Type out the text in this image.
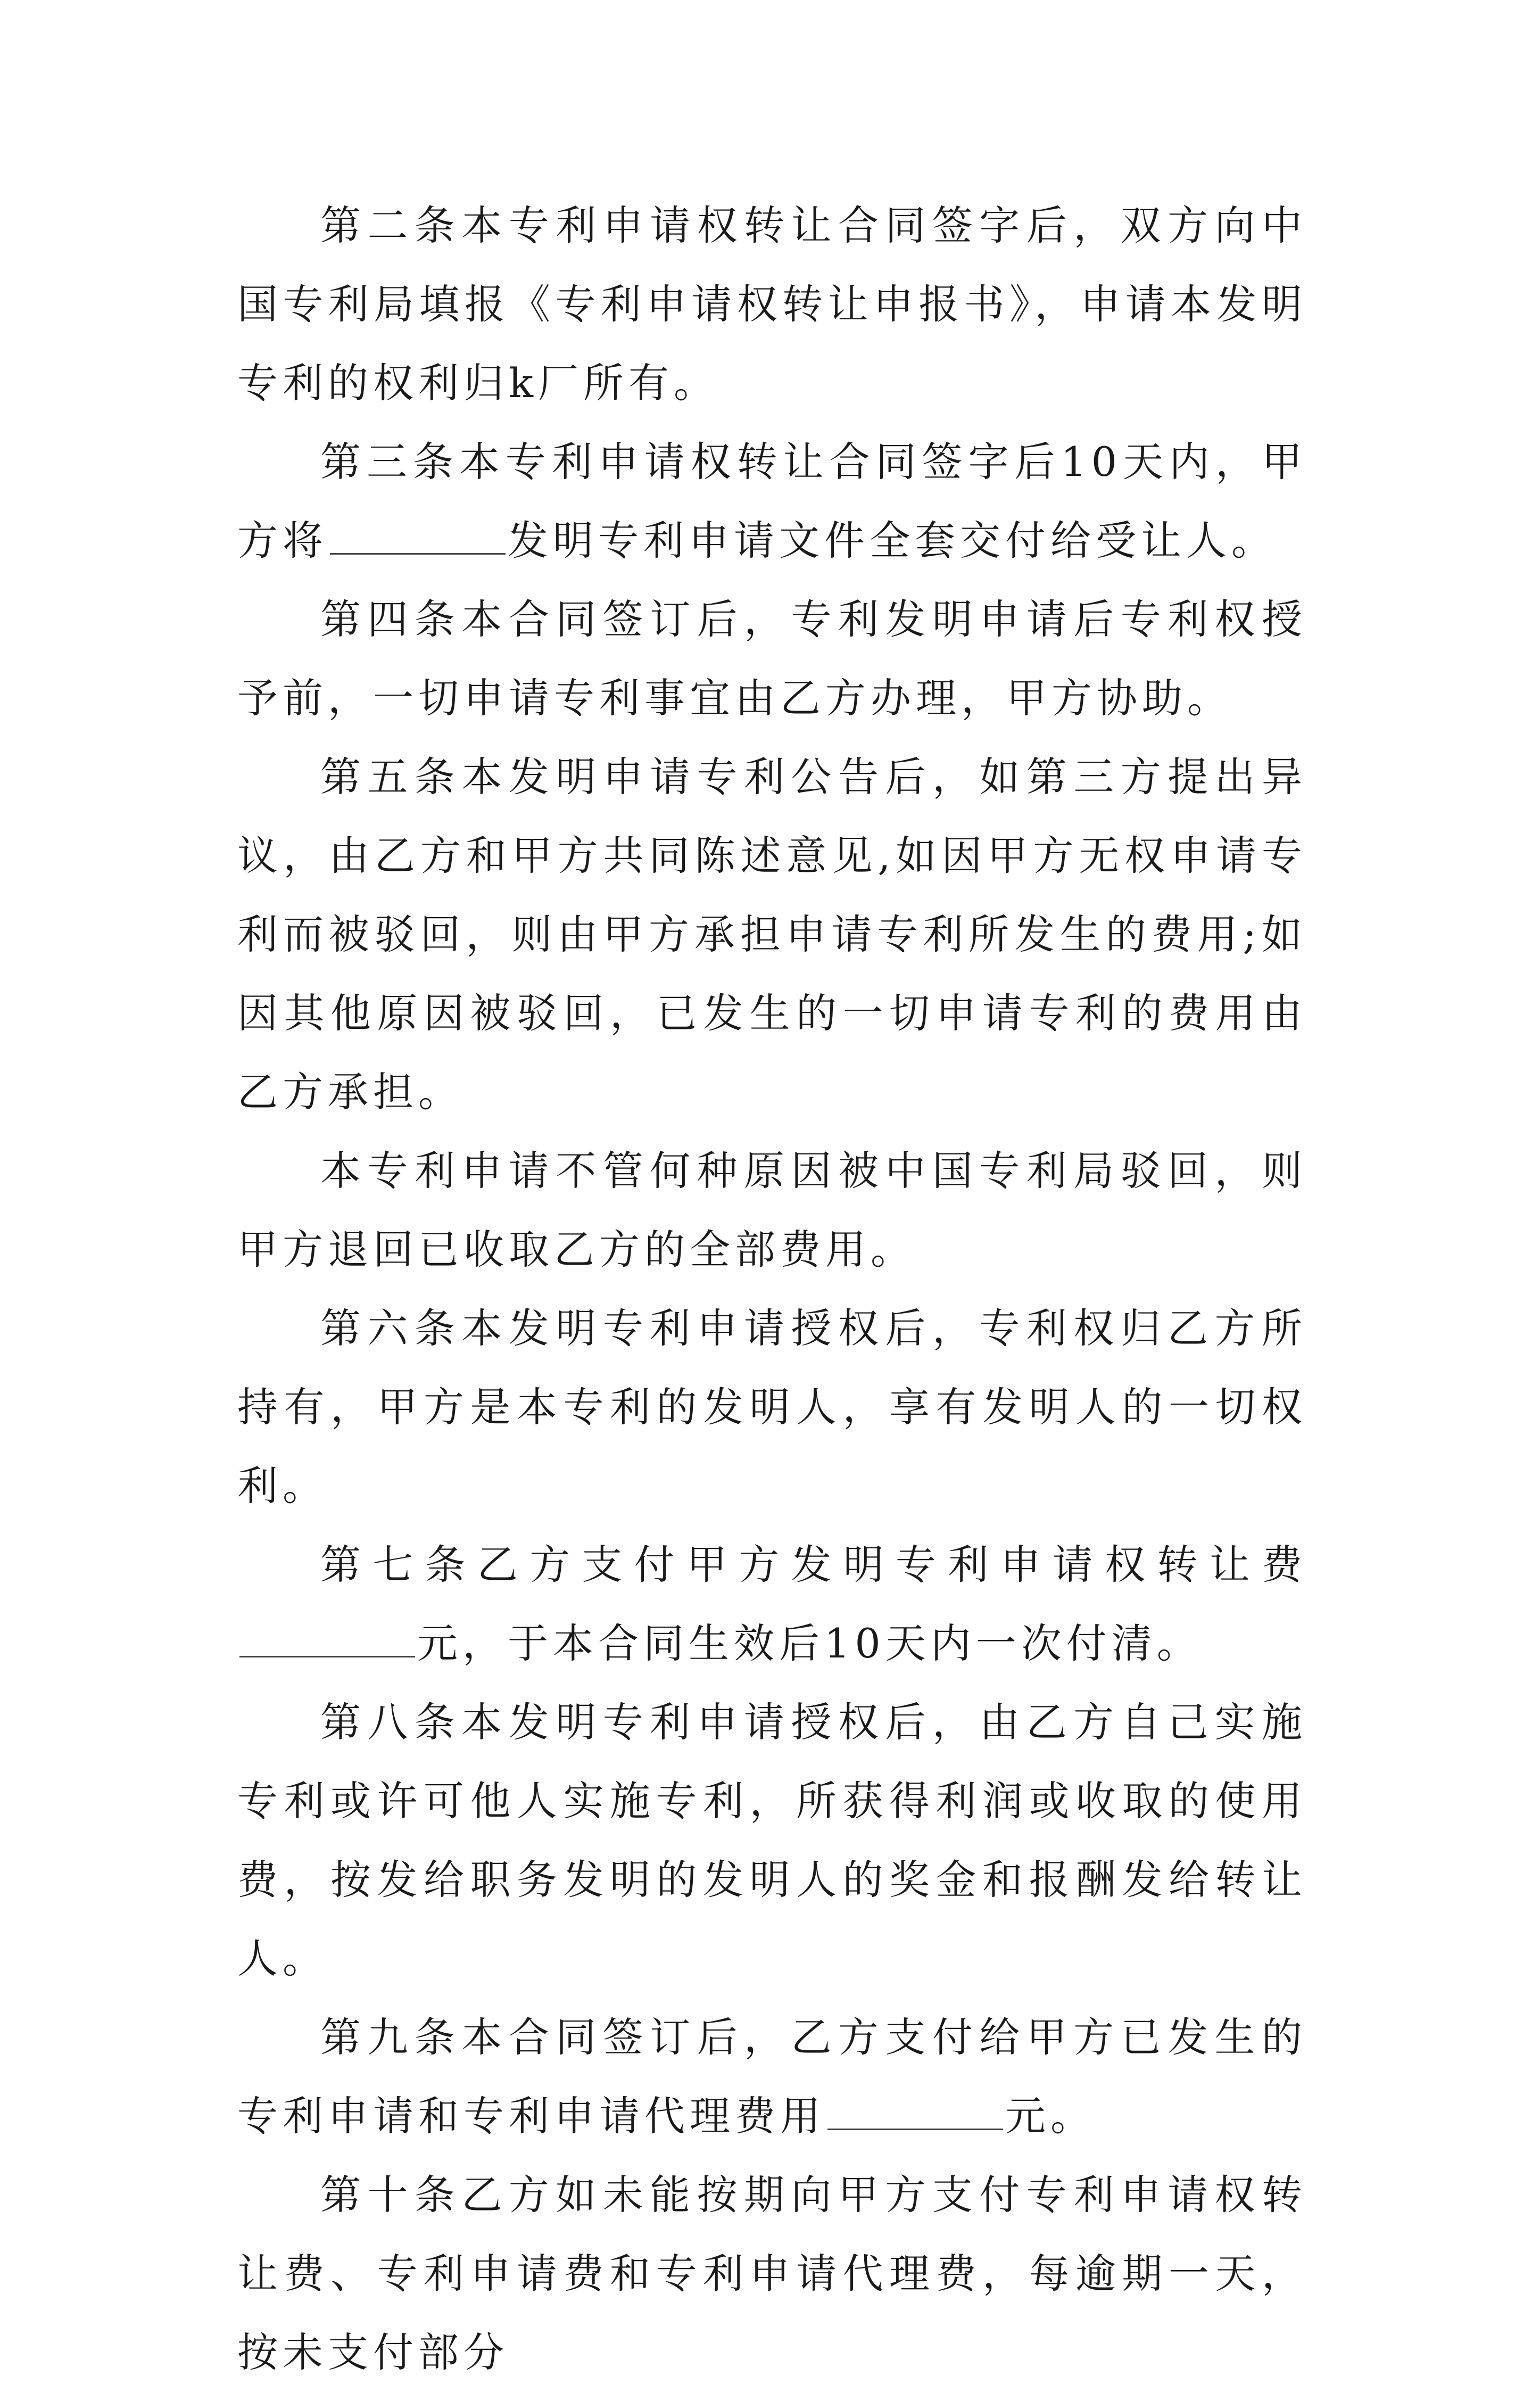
第二条本专利申请权转让合同签字后，双方向中国专利局填报《专利申请权转让申报书》，申请本发明专利的权利归k厂所有。

第三条本专利申请权转让合同签字后10天内，甲方将	发明专利申请文件全套交付给受让人。

第四条本合同签订后，专利发明申请后专利权授予前，一切申请专利事宜由乙方办理，甲方协助。

第五条本发明申请专利公告后，如第三方提出异议，由乙方和甲方共同陈述意见,如因甲方无权申请专利而被驳回，则由甲方承担申请专利所发生的费用;如因其他原因被驳回，已发生的一切申请专利的费用由乙方承担。

本专利申请不管何种原因被中国专利局驳回，则甲方退回已收取乙方的全部费用。

第六条本发明专利申请授权后，专利权归乙方所持有，甲方是本专利的发明人，享有发明人的一切权利。

第七条乙方支付甲方发明专利申请权转让费元，于本合同生效后10天内一次付清。

第八条本发明专利申请授权后，由乙方自己实施专利或许可他人实施专利，所获得利润或收取的使用费，按发给职务发明的发明人的奖金和报酬发给转让人。

第九条本合同签订后，乙方支付给甲方已发生的专利申请和专利申请代理费用	元。

第十条乙方如未能按期向甲方支付专利申请权转让费、专利申请费和专利申请代理费，每逾期一天，按未支付部分
